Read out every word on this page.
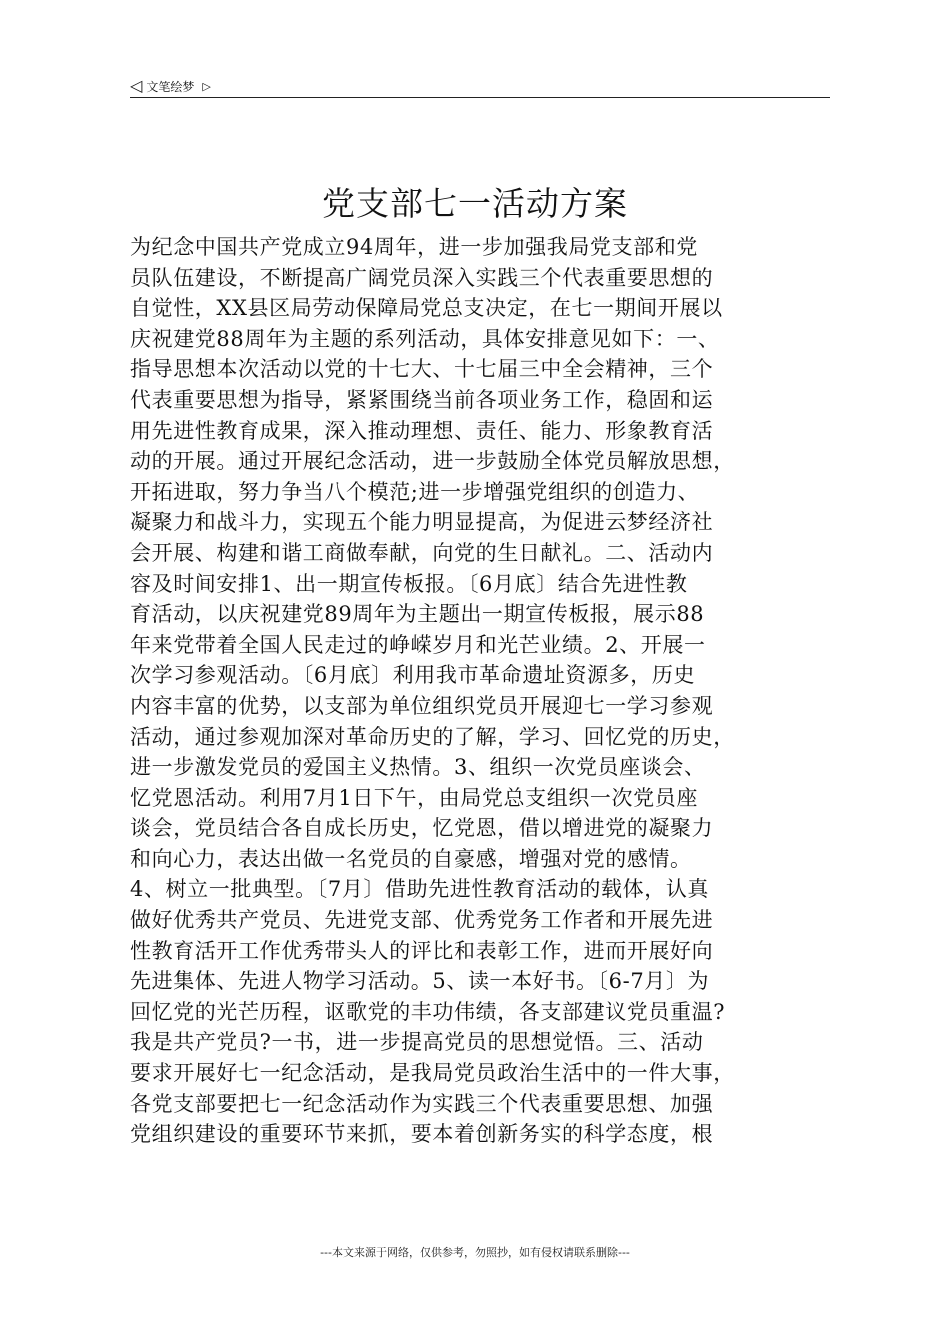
◁ 文笔绘梦 ▷
党支部七一活动方案
为纪念中国共产党成立94周年，进一步加强我局党支部和党
员队伍建设，不断提高广阔党员深入实践三个代表重要思想的
自觉性，XX县区局劳动保障局党总支决定，在七一期间开展以
庆祝建党88周年为主题的系列活动，具体安排意见如下：一、
指导思想本次活动以党的十七大、十七届三中全会精神，三个
代表重要思想为指导，紧紧围绕当前各项业务工作，稳固和运
用先进性教育成果，深入推动理想、责任、能力、形象教育活
动的开展。通过开展纪念活动，进一步鼓励全体党员解放思想，
开拓进取，努力争当八个模范;进一步增强党组织的创造力、
凝聚力和战斗力，实现五个能力明显提高，为促进云梦经济社
会开展、构建和谐工商做奉献，向党的生日献礼。二、活动内
容及时间安排1、出一期宣传板报。〔6月底〕结合先进性教
育活动，以庆祝建党89周年为主题出一期宣传板报，展示88
年来党带着全国人民走过的峥嵘岁月和光芒业绩。2、开展一
次学习参观活动。〔6月底〕利用我市革命遗址资源多，历史
内容丰富的优势，以支部为单位组织党员开展迎七一学习参观
活动，通过参观加深对革命历史的了解，学习、回忆党的历史，
进一步激发党员的爱国主义热情。3、组织一次党员座谈会、
忆党恩活动。利用7月1日下午，由局党总支组织一次党员座
谈会，党员结合各自成长历史，忆党恩，借以增进党的凝聚力
和向心力，表达出做一名党员的自豪感，增强对党的感情。
4、树立一批典型。〔7月〕借助先进性教育活动的载体，认真
做好优秀共产党员、先进党支部、优秀党务工作者和开展先进
性教育活开工作优秀带头人的评比和表彰工作，进而开展好向
先进集体、先进人物学习活动。5、读一本好书。〔6-7月〕为
回忆党的光芒历程，讴歌党的丰功伟绩，各支部建议党员重温?
我是共产党员?一书，进一步提高党员的思想觉悟。三、活动
要求开展好七一纪念活动，是我局党员政治生活中的一件大事，
各党支部要把七一纪念活动作为实践三个代表重要思想、加强
党组织建设的重要环节来抓，要本着创新务实的科学态度，根
---本文来源于网络，仅供参考，勿照抄，如有侵权请联系删除---
